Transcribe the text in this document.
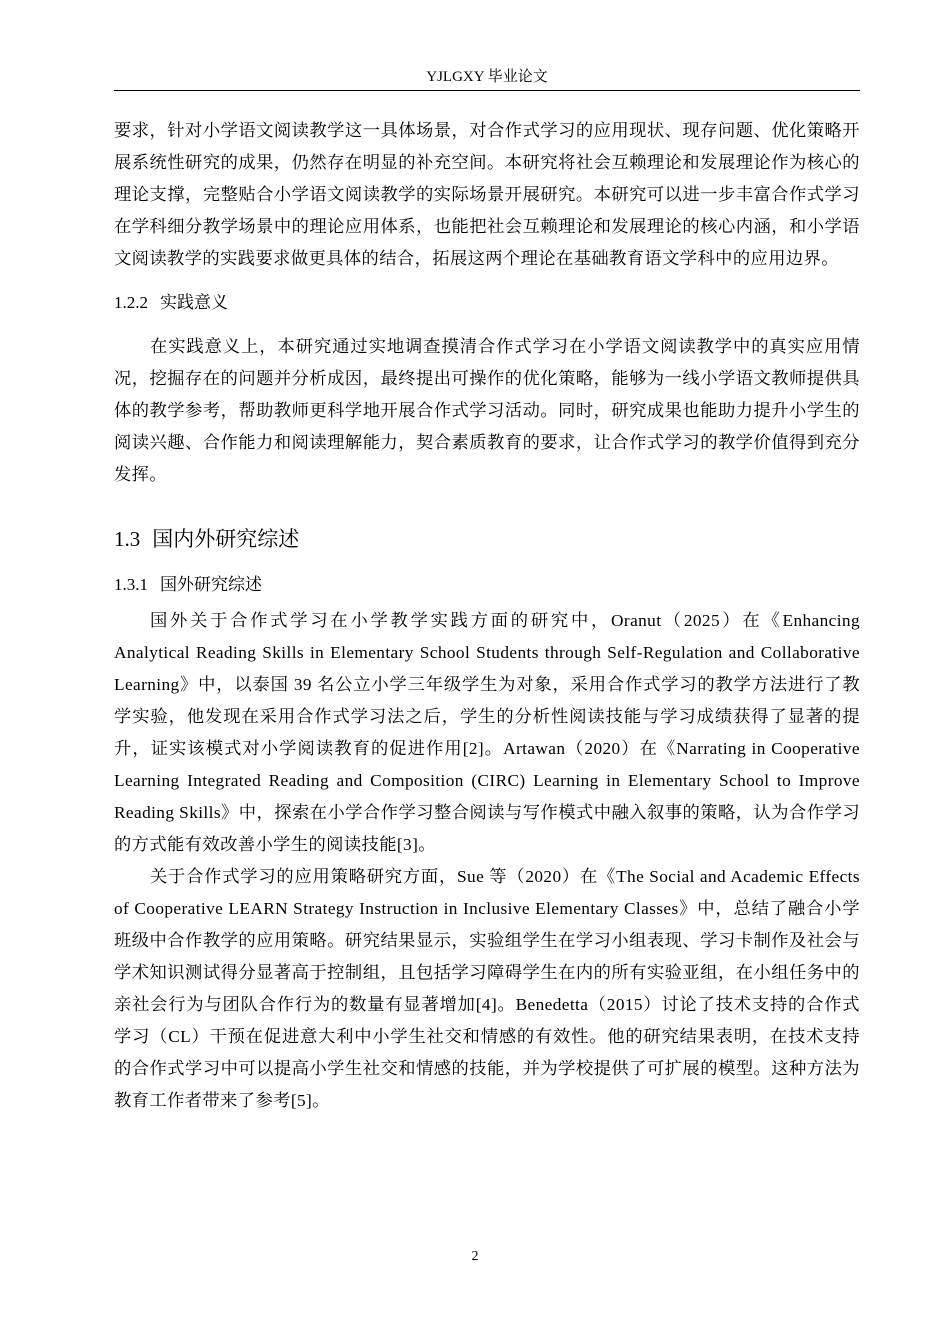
YJLGXY 毕业论文

要求，针对小学语文阅读教学这一具体场景，对合作式学习的应用现状、现存问题、优化策略开展系统性研究的成果，仍然存在明显的补充空间。本研究将社会互赖理论和发展理论作为核心的理论支撑，完整贴合小学语文阅读教学的实际场景开展研究。本研究可以进一步丰富合作式学习在学科细分教学场景中的理论应用体系，也能把社会互赖理论和发展理论的核心内涵，和小学语文阅读教学的实践要求做更具体的结合，拓展这两个理论在基础教育语文学科中的应用边界。

1.2.2 实践意义

在实践意义上，本研究通过实地调查摸清合作式学习在小学语文阅读教学中的真实应用情况，挖掘存在的问题并分析成因，最终提出可操作的优化策略，能够为一线小学语文教师提供具体的教学参考，帮助教师更科学地开展合作式学习活动。同时，研究成果也能助力提升小学生的阅读兴趣、合作能力和阅读理解能力，契合素质教育的要求，让合作式学习的教学价值得到充分发挥。

1.3 国内外研究综述
1.3.1 国外研究综述

国外关于合作式学习在小学教学实践方面的研究中，Oranut（2025）在《Enhancing Analytical Reading Skills in Elementary School Students through Self-Regulation and Collaborative Learning》中，以泰国 39 名公立小学三年级学生为对象，采用合作式学习的教学方法进行了教学实验，他发现在采用合作式学习法之后，学生的分析性阅读技能与学习成绩获得了显著的提升，证实该模式对小学阅读教育的促进作用[2]。Artawan（2020）在《Narrating in Cooperative Learning Integrated Reading and Composition (CIRC) Learning in Elementary School to Improve Reading Skills》中，探索在小学合作学习整合阅读与写作模式中融入叙事的策略，认为合作学习的方式能有效改善小学生的阅读技能[3]。

关于合作式学习的应用策略研究方面，Sue 等（2020）在《The Social and Academic Effects of Cooperative LEARN Strategy Instruction in Inclusive Elementary Classes》中，总结了融合小学班级中合作教学的应用策略。研究结果显示，实验组学生在学习小组表现、学习卡制作及社会与学术知识测试得分显著高于控制组，且包括学习障碍学生在内的所有实验亚组，在小组任务中的亲社会行为与团队合作行为的数量有显著增加[4]。Benedetta（2015）讨论了技术支持的合作式学习（CL）干预在促进意大利中小学生社交和情感的有效性。他的研究结果表明，在技术支持的合作式学习中可以提高小学生社交和情感的技能，并为学校提供了可扩展的模型。这种方法为教育工作者带来了参考[5]。

2
